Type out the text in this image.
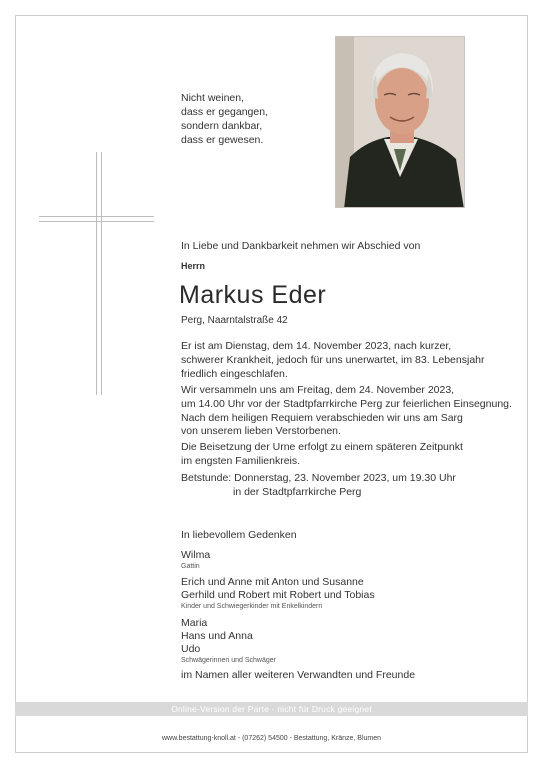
Nicht weinen,
dass er gegangen,
sondern dankbar,
dass er gewesen.
In Liebe und Dankbarkeit nehmen wir Abschied von
Herrn
Markus Eder
Perg, Naarntalstraße 42
Er ist am Dienstag, dem 14. November 2023, nach kurzer,
schwerer Krankheit, jedoch für uns unerwartet, im 83. Lebensjahr
friedlich eingeschlafen.
Wir versammeln uns am Freitag, dem 24. November 2023,
um 14.00 Uhr vor der Stadtpfarrkirche Perg zur feierlichen Einsegnung.
Nach dem heiligen Requiem verabschieden wir uns am Sarg
von unserem lieben Verstorbenen.
Die Beisetzung der Urne erfolgt zu einem späteren Zeitpunkt
im engsten Familienkreis.
Betstunde: Donnerstag, 23. November 2023, um 19.30 Uhr
in der Stadtpfarrkirche Perg
In liebevollem Gedenken
Wilma
Gattin
Erich und Anne mit Anton und Susanne
Gerhild und Robert mit Robert und Tobias
Kinder und Schwiegerkinder mit Enkelkindern
Maria
Hans und Anna
Udo
Schwägerinnen und Schwäger
im Namen aller weiteren Verwandten und Freunde
Online-Version der Parte - nicht für Druck geeignet
www.bestattung-knoll.at - (07262) 54500 - Bestattung, Kränze, Blumen
